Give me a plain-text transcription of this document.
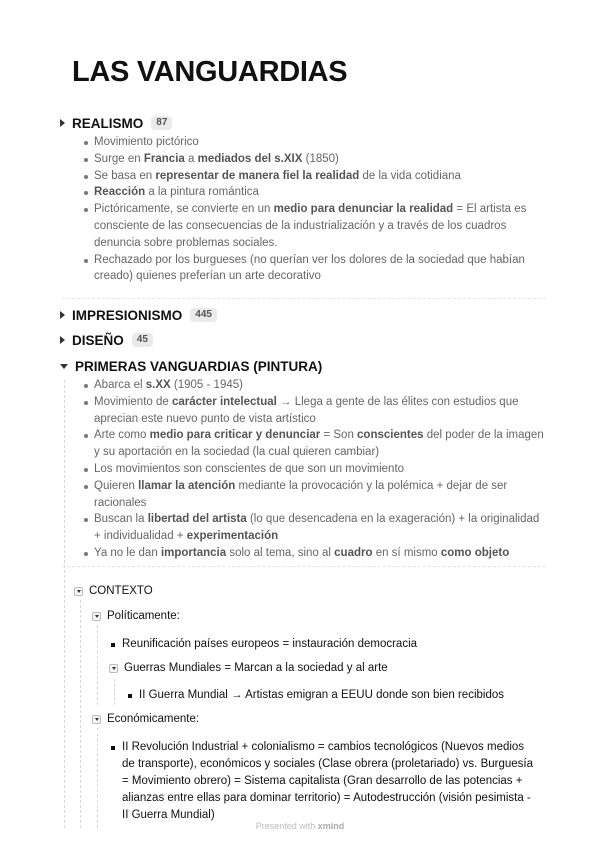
LAS VANGUARDIAS
REALISMO	87
Movimiento pictórico
Surge en Francia a mediados del s.XIX (1850)
Se basa en representar de manera fiel la realidad de la vida cotidiana
Reacción a la pintura romántica
Pictóricamente, se convierte en un medio para denunciar la realidad = El artista es consciente de las consecuencias de la industrialización y a través de los cuadros denuncia sobre problemas sociales.
Rechazado por los burgueses (no querían ver los dolores de la sociedad que habían creado) quienes preferían un arte decorativo
IMPRESIONISMO	445
DISEÑO	45
PRIMERAS VANGUARDIAS (PINTURA)
Abarca el s.XX (1905 - 1945)
Movimiento de carácter intelectual → Llega a gente de las élites con estudios que aprecian este nuevo punto de vista artístico
Arte como medio para criticar y denunciar = Son conscientes del poder de la imagen y su aportación en la sociedad (la cual quieren cambiar)
Los movimientos son conscientes de que son un movimiento
Quieren llamar la atención mediante la provocación y la polémica + dejar de ser racionales
Buscan la libertad del artista (lo que desencadena en la exageración) + la originalidad + individualidad + experimentación
Ya no le dan importancia solo al tema, sino al cuadro en sí mismo como objeto
CONTEXTO
Políticamente:
Reunificación países europeos = instauración democracia
Guerras Mundiales = Marcan a la sociedad y al arte
II Guerra Mundial → Artistas emigran a EEUU donde son bien recibidos
Económicamente:
II Revolución Industrial + colonialismo = cambios tecnológicos (Nuevos medios de transporte), económicos y sociales (Clase obrera (proletariado) vs. Burguesía = Movimiento obrero) = Sistema capitalista (Gran desarrollo de las potencias + alianzas entre ellas para dominar territorio) = Autodestrucción (visión pesimista - II Guerra Mundial)
Presented with xmind
